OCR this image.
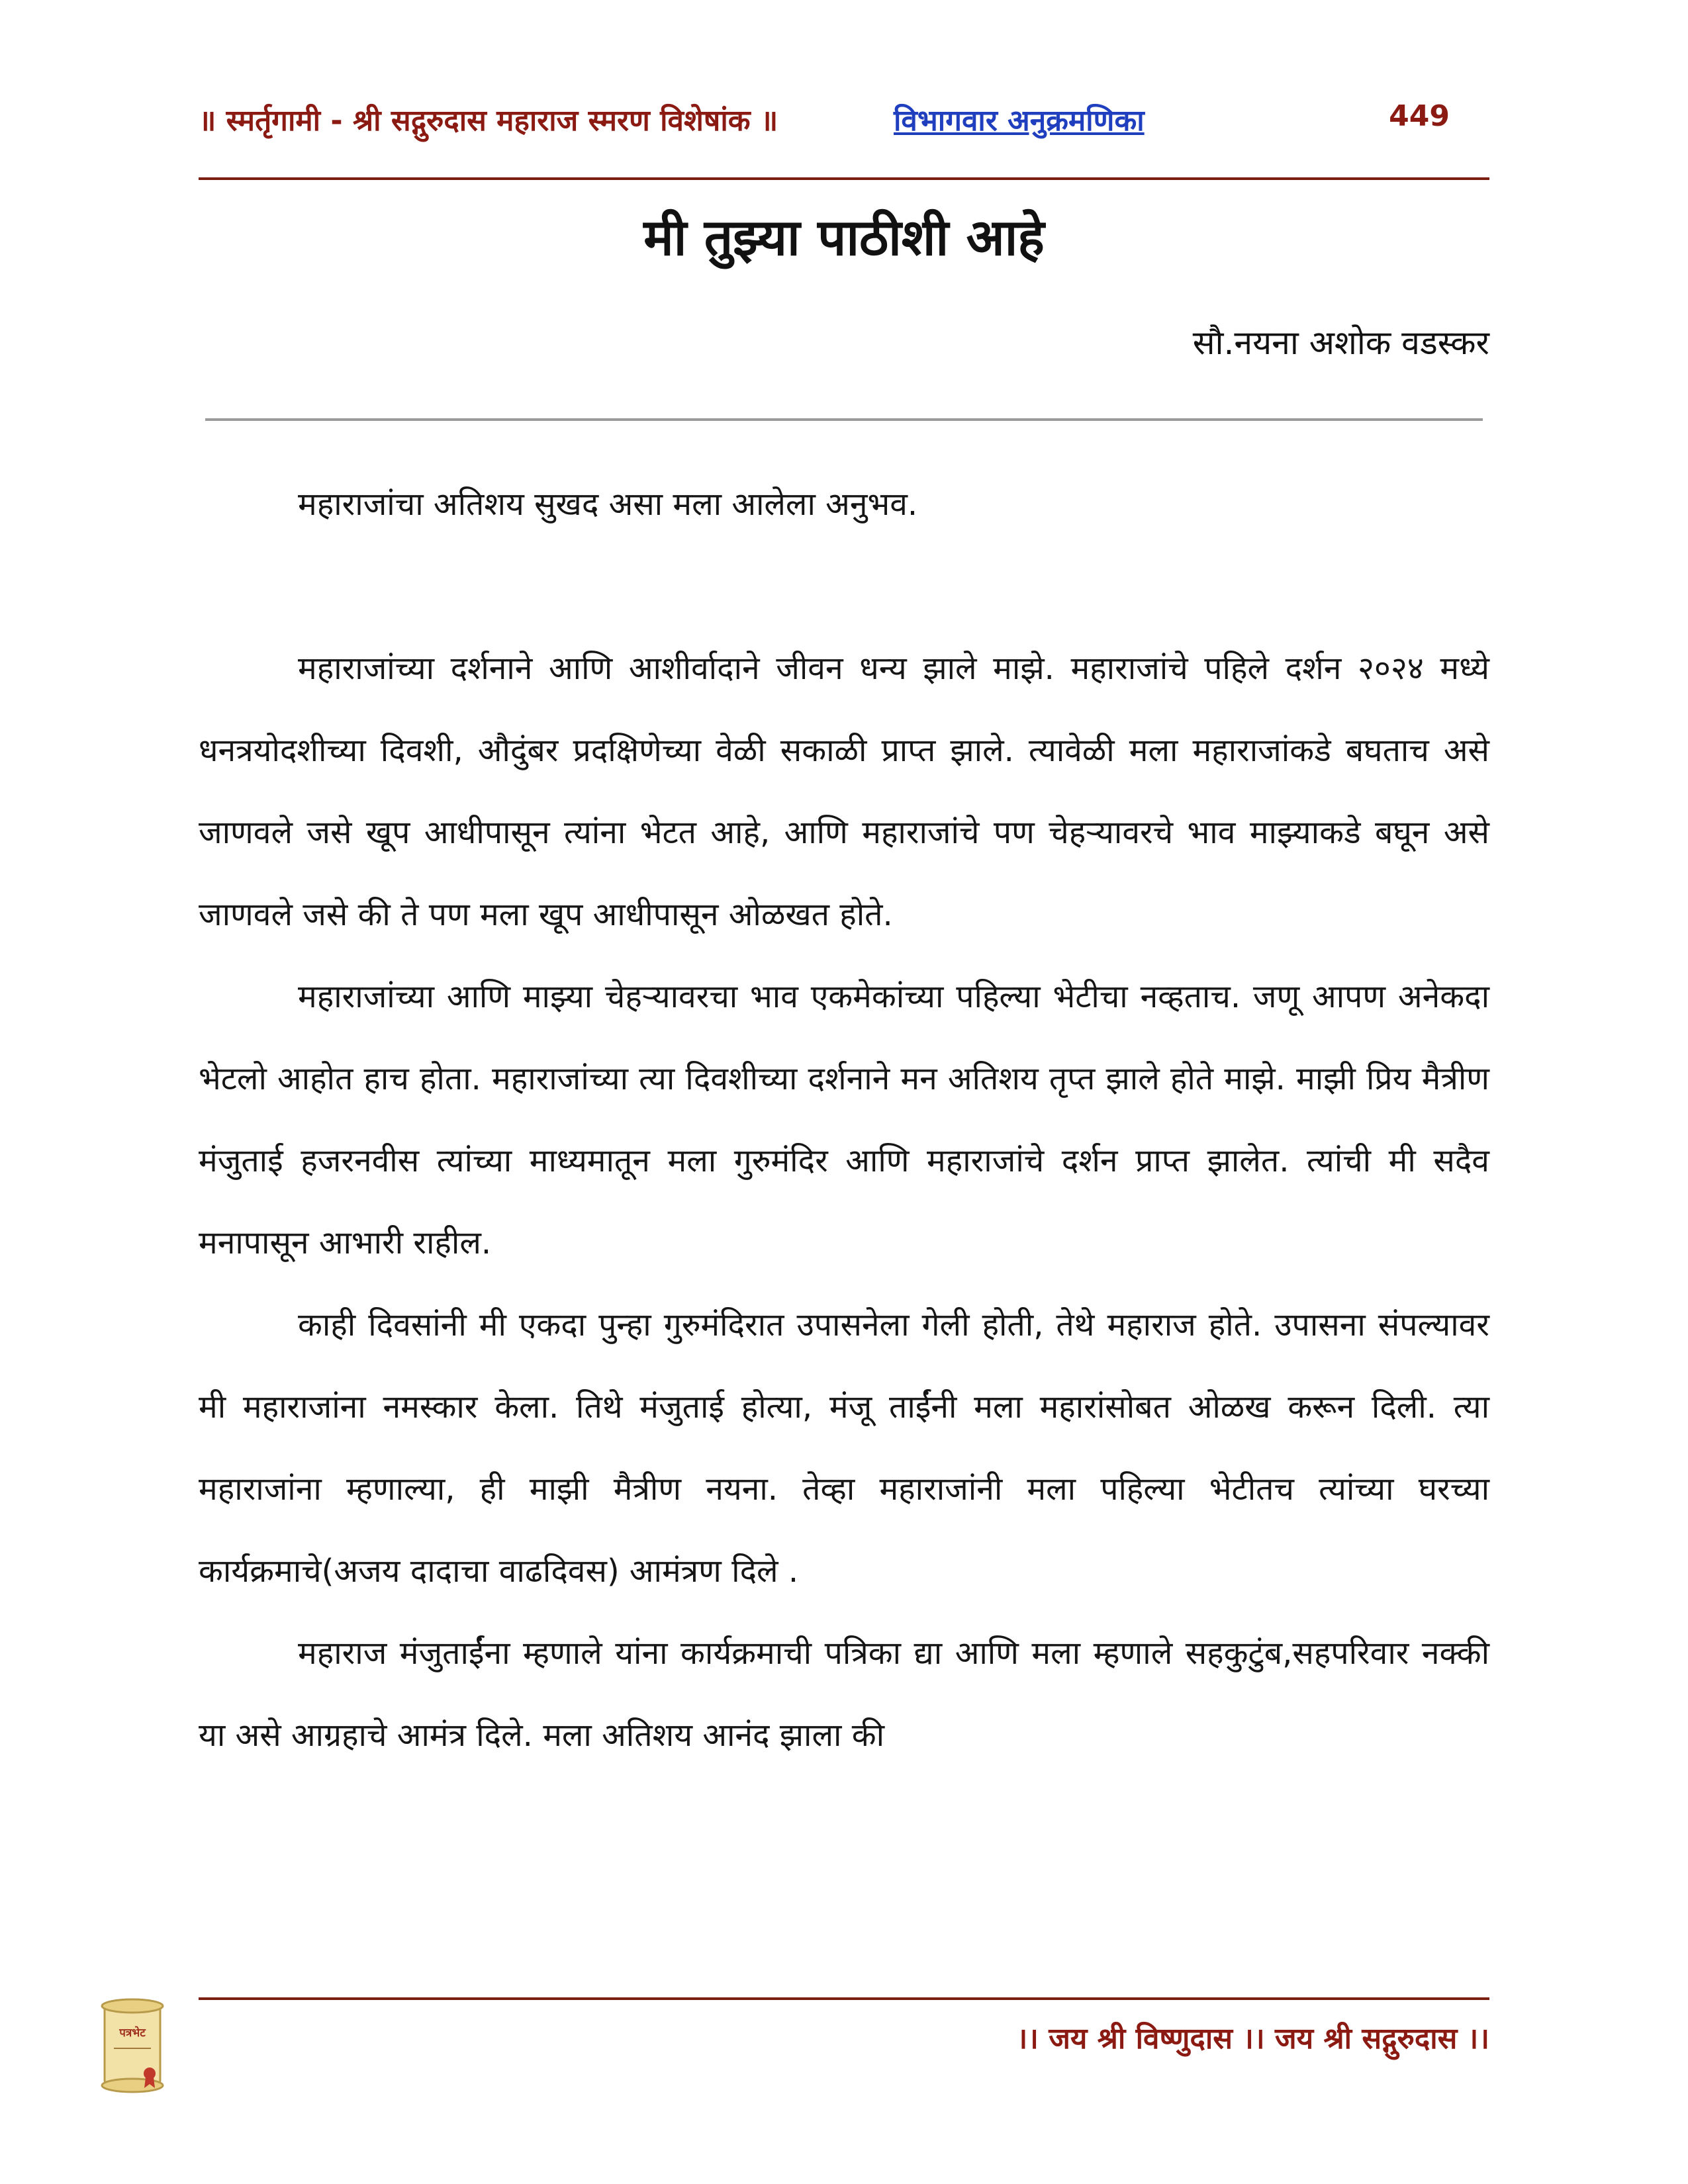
॥ स्मर्तृगामी - श्री सद्गुरुदास महाराज स्मरण विशेषांक ॥	विभागवार अनुक्रमणिका	449
मी तुझ्या पाठीशी आहे
सौ.नयना अशोक वडस्कर

महाराजांचा अतिशय सुखद असा मला आलेला अनुभव.

महाराजांच्या दर्शनाने आणि आशीर्वादाने जीवन धन्य झाले माझे. महाराजांचे पहिले दर्शन २०२४ मध्ये धनत्रयोदशीच्या दिवशी, औदुंबर प्रदक्षिणेच्या वेळी सकाळी प्राप्त झाले. त्यावेळी मला महाराजांकडे बघताच असे जाणवले जसे खूप आधीपासून त्यांना भेटत आहे, आणि महाराजांचे पण चेहऱ्यावरचे भाव माझ्याकडे बघून असे जाणवले जसे की ते पण मला खूप आधीपासून ओळखत होते.

महाराजांच्या आणि माझ्या चेहऱ्यावरचा भाव एकमेकांच्या पहिल्या भेटीचा नव्हताच. जणू आपण अनेकदा भेटलो आहोत हाच होता. महाराजांच्या त्या दिवशीच्या दर्शनाने मन अतिशय तृप्त झाले होते माझे. माझी प्रिय मैत्रीण मंजुताई हजरनवीस त्यांच्या माध्यमातून मला गुरुमंदिर आणि महाराजांचे दर्शन प्राप्त झालेत. त्यांची मी सदैव मनापासून आभारी राहील.

काही दिवसांनी मी एकदा पुन्हा गुरुमंदिरात उपासनेला गेली होती, तेथे महाराज होते. उपासना संपल्यावर मी महाराजांना नमस्कार केला. तिथे मंजुताई होत्या, मंजू ताईंनी मला महारांसोबत ओळख करून दिली. त्या महाराजांना म्हणाल्या, ही माझी मैत्रीण नयना. तेव्हा महाराजांनी मला पहिल्या भेटीतच त्यांच्या घरच्या कार्यक्रमाचे(अजय दादाचा वाढदिवस) आमंत्रण दिले .

महाराज मंजुताईंना म्हणाले यांना कार्यक्रमाची पत्रिका द्या आणि मला म्हणाले सहकुटुंब,सहपरिवार नक्की या असे आग्रहाचे आमंत्र दिले. मला अतिशय आनंद झाला की

पत्रभेट	।। जय श्री विष्णुदास ।। जय श्री सद्गुरुदास ।।
